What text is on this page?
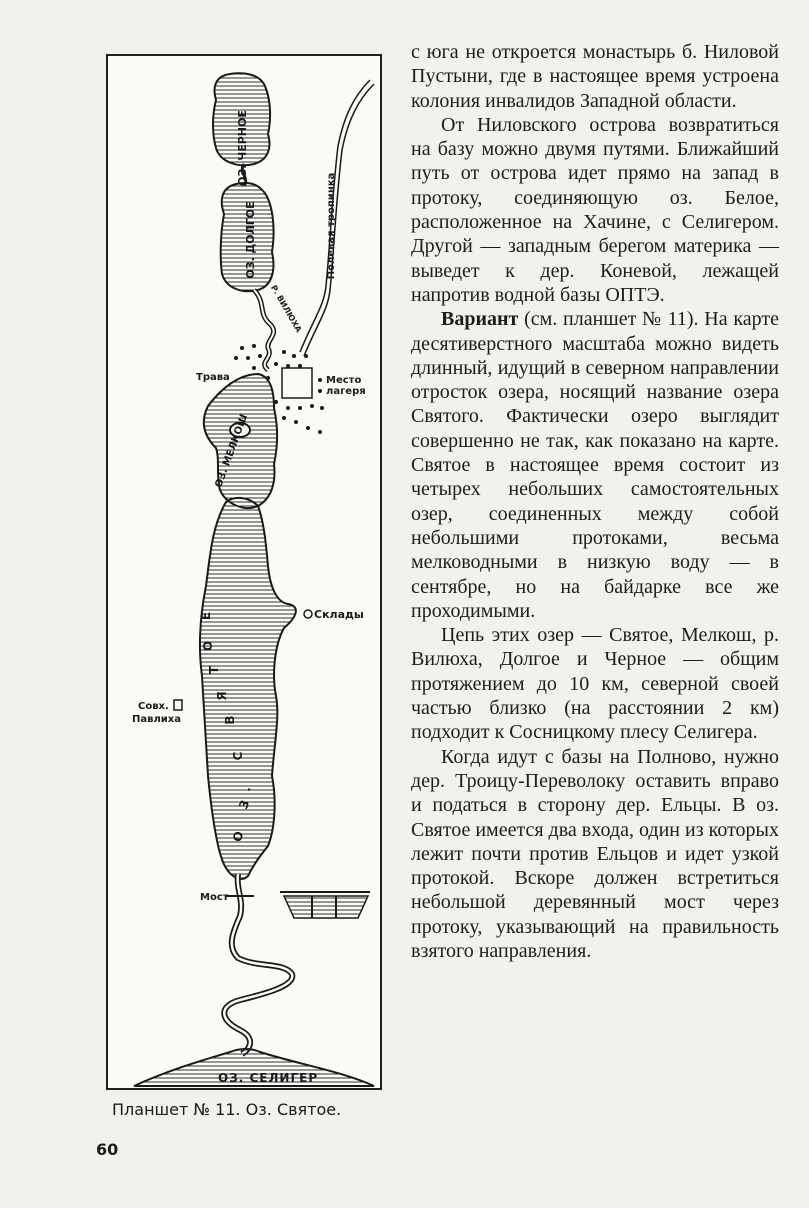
ОЗ. ЧЕРНОЕ
ОЗ. ДОЛГОЕ
Р. ВИЛЮХА
Полевая тропинка
Трава	Место
лагеря
ОЗ. МЕЛКОШ
Склады
Совх.
Павлиха
О
З
.
С
В
Я
Т
О
Е
Мост
ОЗ. СЕЛИГЕР
Планшет № 11. Оз. Святое.
60

с юга не откроется монастырь б. Ниловой Пустыни, где в настоящее время устроена колония инвалидов Западной области.

От Ниловского острова возвратиться на базу можно двумя путями. Ближайший путь от острова идет прямо на запад в протоку, соединяющую оз. Белое, расположенное на Хачине, с Селигером. Другой — западным берегом материка — выведет к дер. Коневой, лежащей напротив водной базы ОПТЭ.

Вариант (см. планшет № 11). На карте десятиверстного масштаба можно видеть длинный, идущий в северном направлении отросток озера, носящий название озера Святого. Фактически озеро выглядит совершенно не так, как показано на карте. Святое в настоящее время состоит из четырех небольших самостоятельных озер, соединенных между собой небольшими протоками, весьма мелководными в низкую воду — в сентябре, но на байдарке все же проходимыми.

Цепь этих озер — Святое, Мелкош, р. Вилюха, Долгое и Черное — общим протяжением до 10 км, северной своей частью близко (на расстоянии 2 км) подходит к Сосницкому плесу Селигера.

Когда идут с базы на Полново, нужно дер. Троицу-Переволоку оставить вправо и податься в сторону дер. Ельцы. В оз. Святое имеется два входа, один из которых лежит почти против Ельцов и идет узкой протокой. Вскоре должен встретиться небольшой деревянный мост через протоку, указывающий на правильность взятого направления.
